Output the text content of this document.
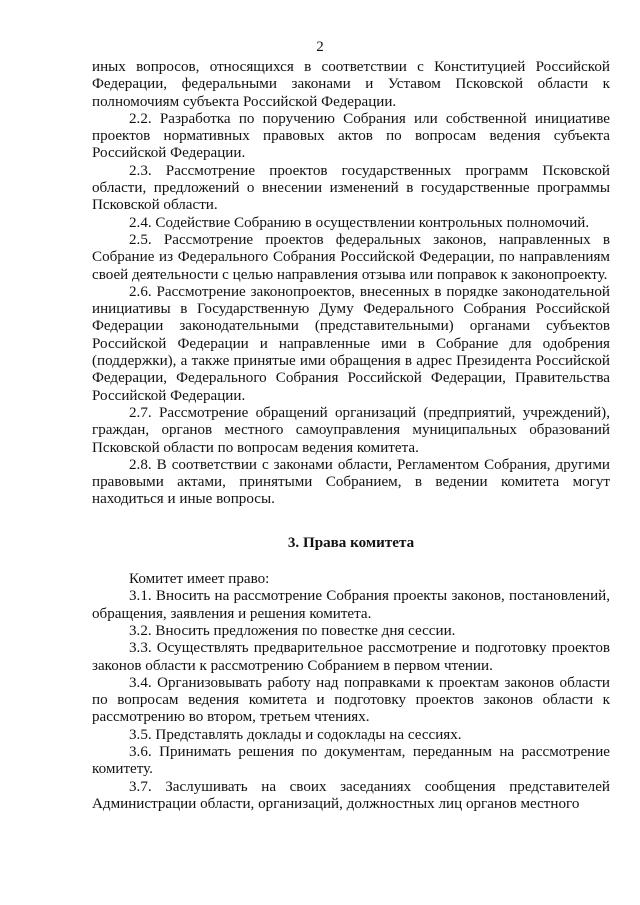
2

иных вопросов, относящихся в соответствии с Конституцией Российской Федерации, федеральными законами и Уставом Псковской области к полномочиям субъекта Российской Федерации.

2.2. Разработка по поручению Собрания или собственной инициативе проектов нормативных правовых актов по вопросам ведения субъекта Российской Федерации.

2.3. Рассмотрение проектов государственных программ Псковской области, предложений о внесении изменений в государственные программы Псковской области.

2.4. Содействие Собранию в осуществлении контрольных полномочий.

2.5. Рассмотрение проектов федеральных законов, направленных в Собрание из Федерального Собрания Российской Федерации, по направлениям своей деятельности с целью направления отзыва или поправок к законопроекту.

2.6. Рассмотрение законопроектов, внесенных в порядке законодательной инициативы в Государственную Думу Федерального Собрания Российской Федерации законодательными (представительными) органами субъектов Российской Федерации и направленные ими в Собрание для одобрения (поддержки), а также принятые ими обращения в адрес Президента Российской Федерации, Федерального Собрания Российской Федерации, Правительства Российской Федерации.

2.7. Рассмотрение обращений организаций (предприятий, учреждений), граждан, органов местного самоуправления муниципальных образований Псковской области по вопросам ведения комитета.

2.8. В соответствии с законами области, Регламентом Собрания, другими правовыми актами, принятыми Собранием, в ведении комитета могут находиться и иные вопросы.

3. Права комитета

Комитет имеет право:

3.1. Вносить на рассмотрение Собрания проекты законов, постановлений, обращения, заявления и решения комитета.

3.2. Вносить предложения по повестке дня сессии.

3.3. Осуществлять предварительное рассмотрение и подготовку проектов законов области к рассмотрению Собранием в первом чтении.

3.4. Организовывать работу над поправками к проектам законов области по вопросам ведения комитета и подготовку проектов законов области к рассмотрению во втором, третьем чтениях.

3.5. Представлять доклады и содоклады на сессиях.

3.6. Принимать решения по документам, переданным на рассмотрение комитету.

3.7. Заслушивать на своих заседаниях сообщения представителей Администрации области, организаций, должностных лиц органов местного
